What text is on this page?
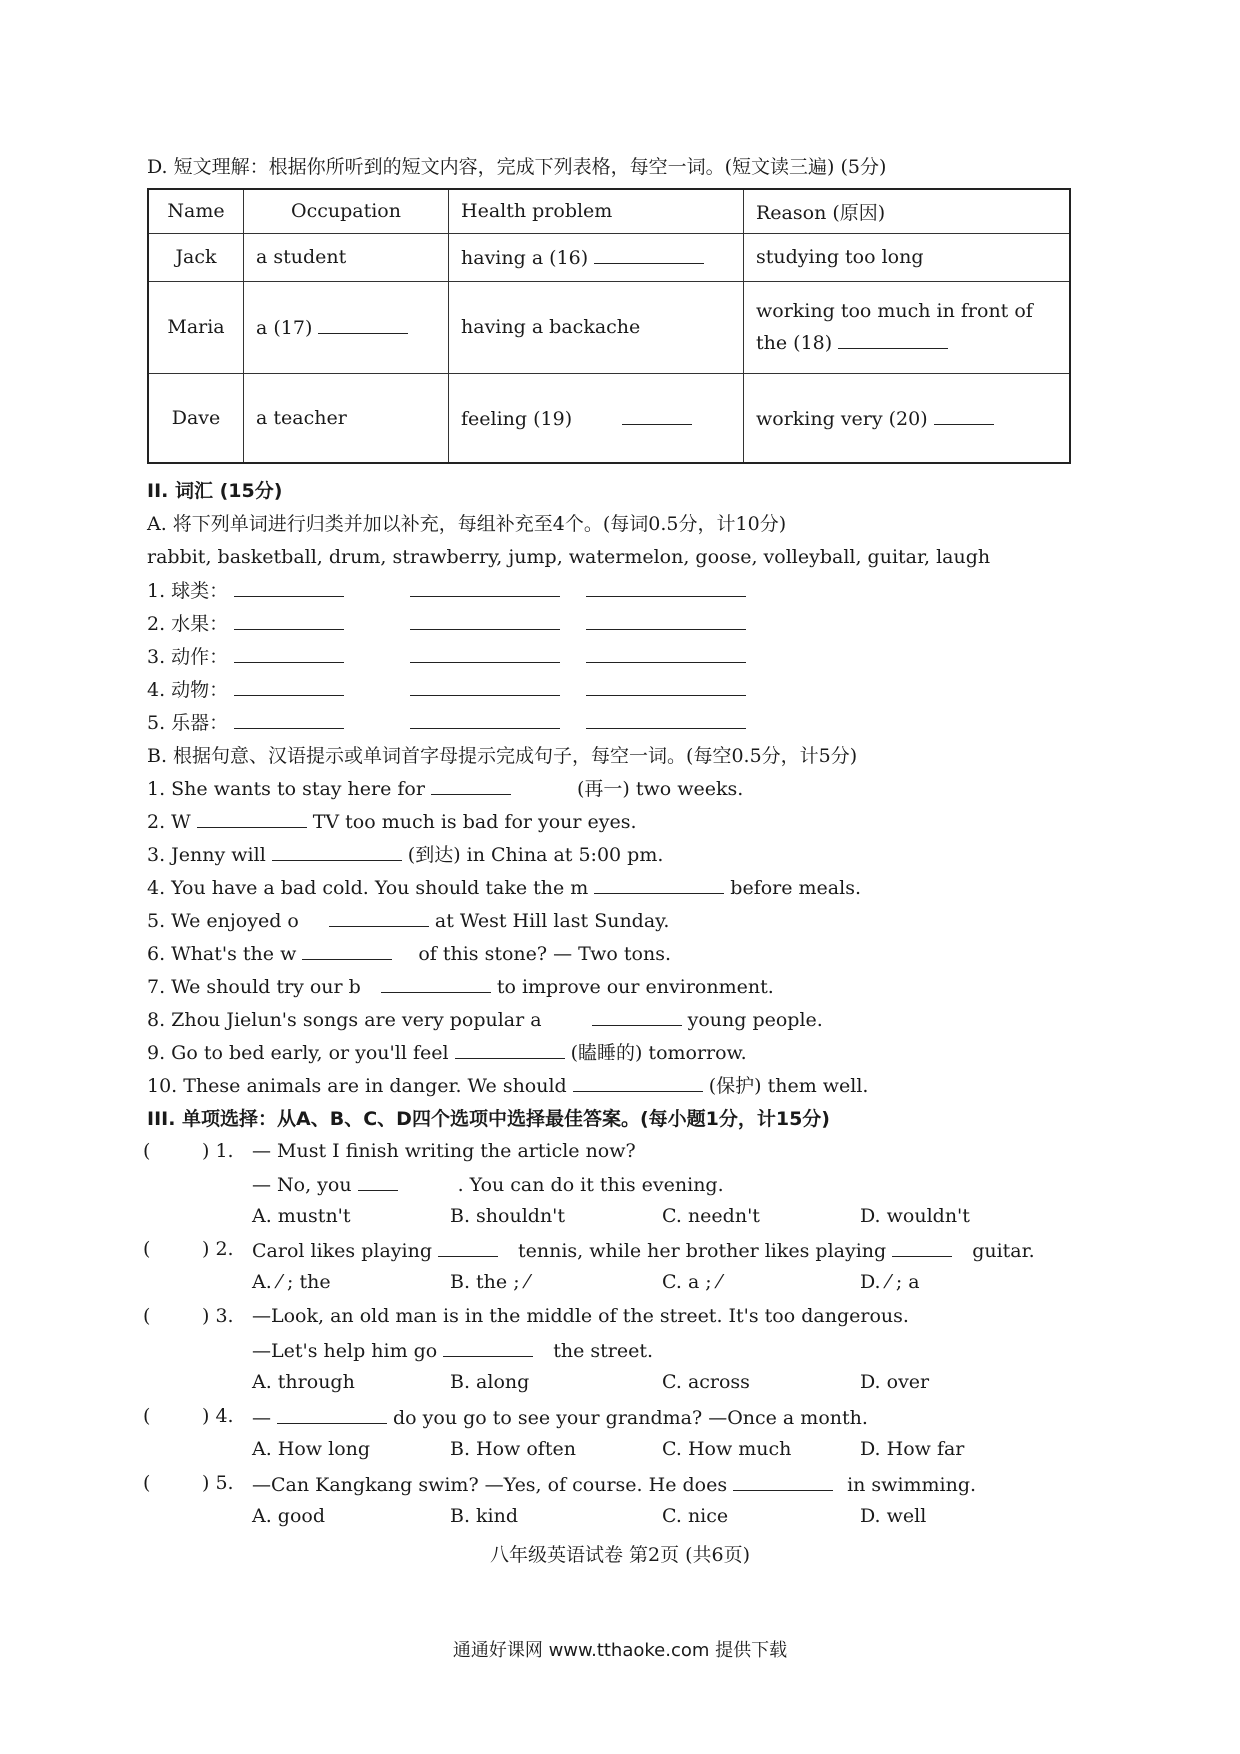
D. 短文理解：根据你所听到的短文内容，完成下列表格，每空一词。(短文读三遍) (5分)
Name	Occupation	Health problem	Reason (原因)
Jack	a student	having a (16)	studying too long
Maria	a (17)	having a backache	working too much in front of the (18)
Dave	a teacher	feeling (19)	working very (20)
II. 词汇 (15分)
A. 将下列单词进行归类并加以补充，每组补充至4个。(每词0.5分，计10分)
rabbit, basketball, drum, strawberry, jump, watermelon, goose, volleyball, guitar, laugh
1. 球类：
2. 水果：
3. 动作：
4. 动物：
5. 乐器：
B. 根据句意、汉语提示或单词首字母提示完成句子，每空一词。(每空0.5分，计5分)
1. She wants to stay here for	(再一) two weeks.
2. W	TV too much is bad for your eyes.
3. Jenny will	(到达) in China at 5:00 pm.
4. You have a bad cold. You should take the m	before meals.
5. We enjoyed o	at West Hill last Sunday.
6. What's the w	of this stone? — Two tons.
7. We should try our b	to improve our environment.
8. Zhou Jielun's songs are very popular a	young people.
9. Go to bed early, or you'll feel	(瞌睡的) tomorrow.
10. These animals are in danger. We should	(保护) them well.
III. 单项选择：从A、B、C、D四个选项中选择最佳答案。(每小题1分，计15分)
(	) 1. — Must I finish writing the article now?
— No, you	. You can do it this evening.
A. mustn't	B. shouldn't	C. needn't	D. wouldn't
(	) 2. Carol likes playing	tennis, while her brother likes playing	guitar.
A. ⁄ ; the	B. the ; ⁄	C. a ; ⁄	D. ⁄ ; a
(	) 3. —Look, an old man is in the middle of the street. It's too dangerous.
—Let's help him go	the street.
A. through	B. along	C. across	D. over
(	) 4. —	do you go to see your grandma? —Once a month.
A. How long	B. How often	C. How much	D. How far
(	) 5. —Can Kangkang swim? —Yes, of course. He does	in swimming.
A. good	B. kind	C. nice	D. well
八年级英语试卷 第2页 (共6页)
通通好课网 www.tthaoke.com 提供下载
